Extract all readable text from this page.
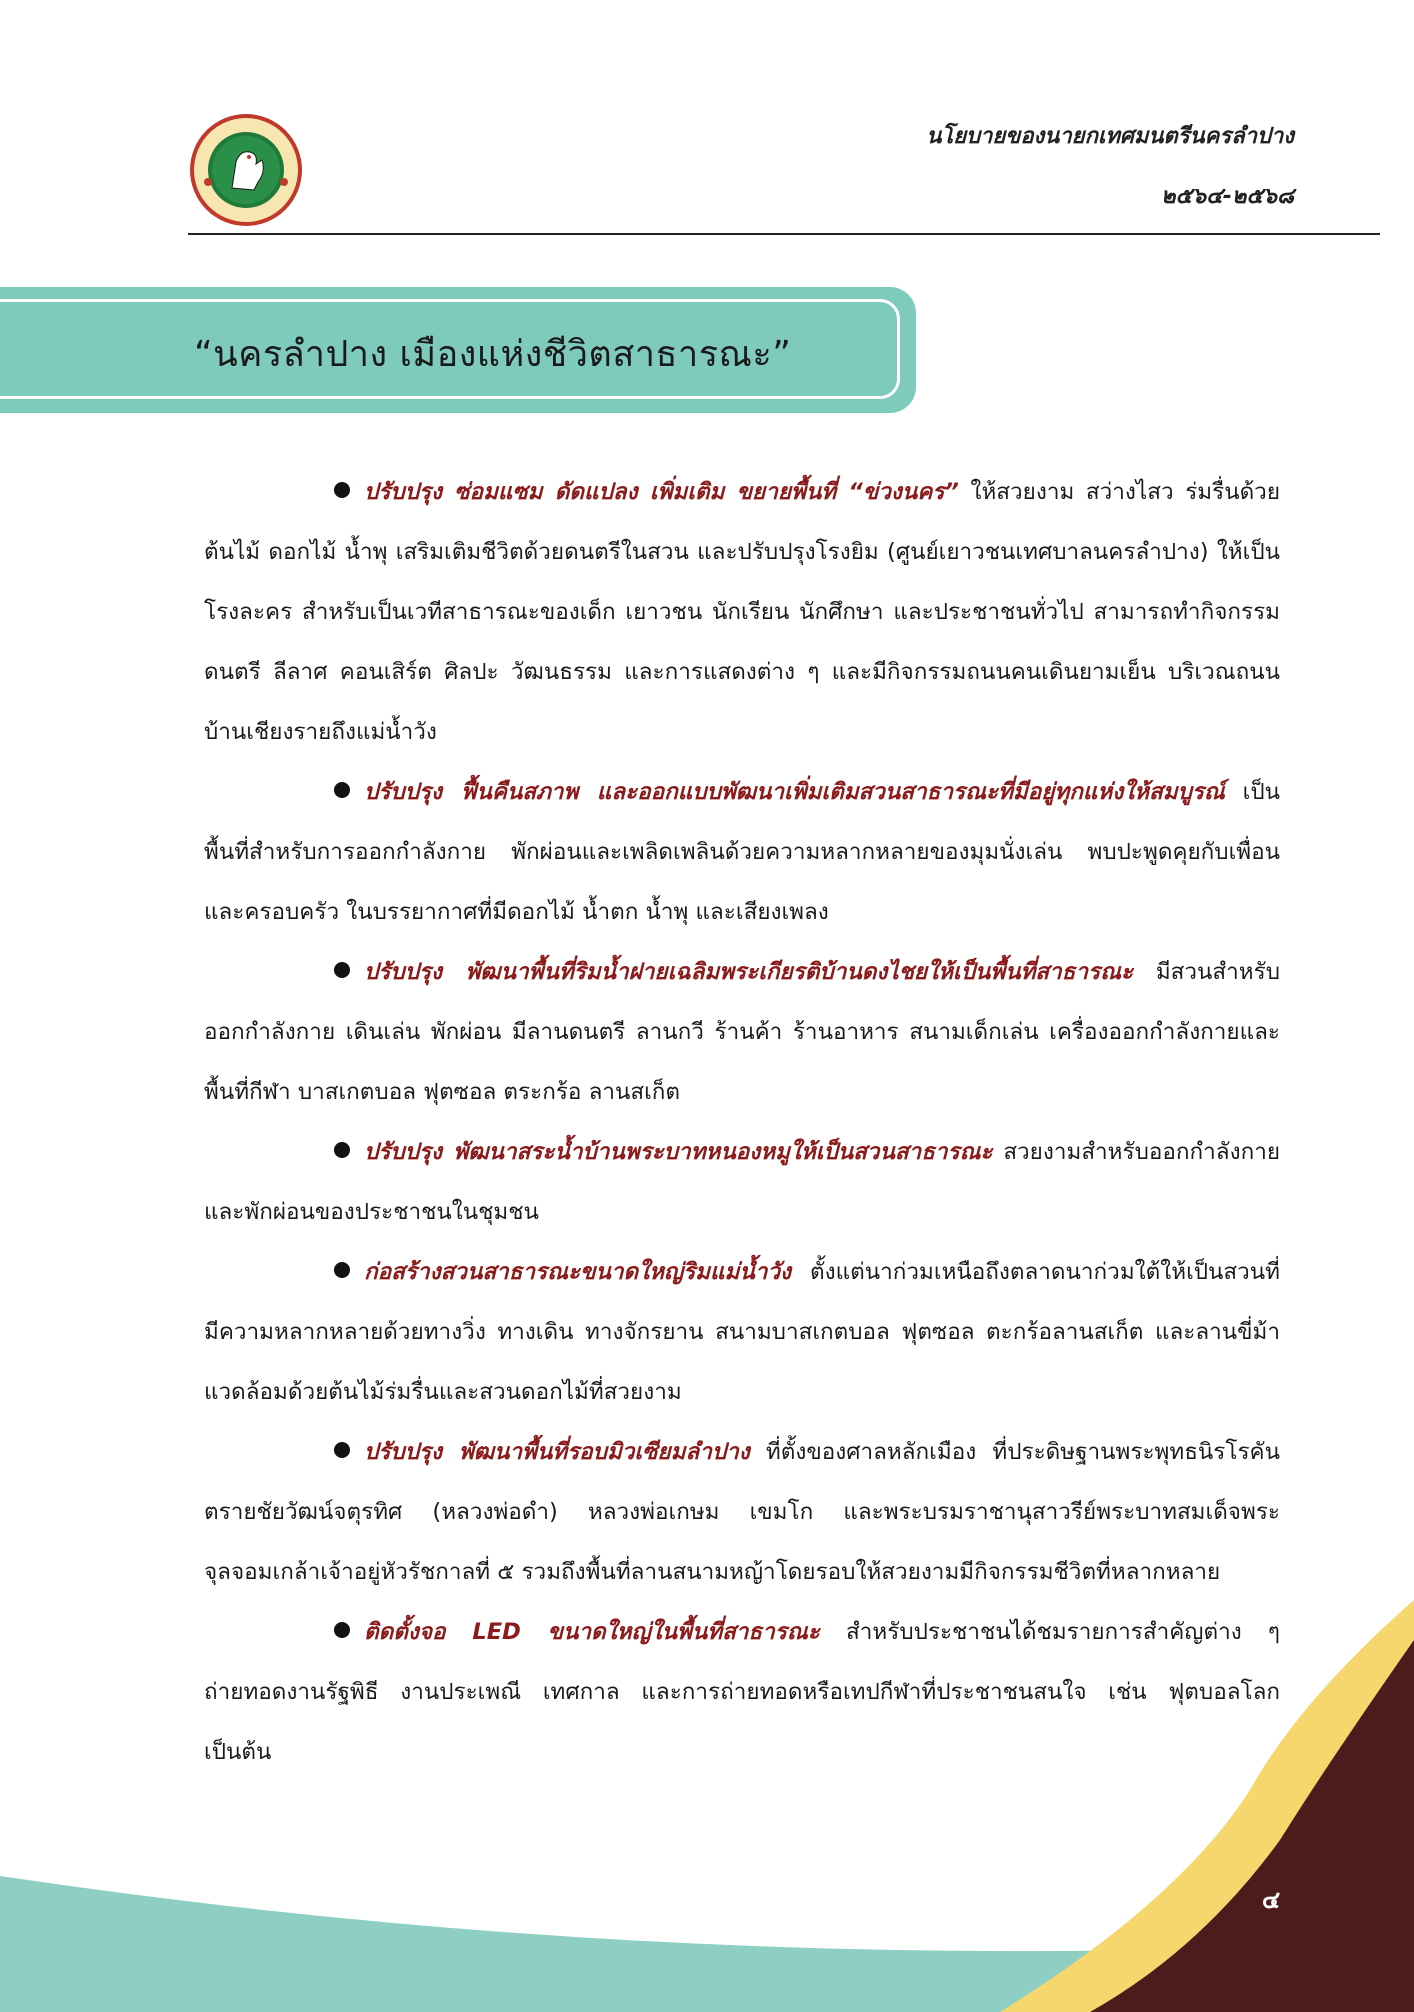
นโยบายของนายกเทศมนตรีนครลำปาง
๒๕๖๔-๒๕๖๘
“นครลำปาง เมืองแห่งชีวิตสาธารณะ”

ปรับปรุง ซ่อมแซม ดัดแปลง เพิ่มเติม ขยายพื้นที่ “ข่วงนคร” ให้สวยงาม สว่างไสว ร่มรื่นด้วยต้นไม้ ดอกไม้ น้ำพุ เสริมเติมชีวิตด้วยดนตรีในสวน และปรับปรุงโรงยิม (ศูนย์เยาวชนเทศบาลนครลำปาง) ให้เป็นโรงละคร สำหรับเป็นเวทีสาธารณะของเด็ก เยาวชน นักเรียน นักศึกษา และประชาชนทั่วไป สามารถทำกิจกรรมดนตรี ลีลาศ คอนเสิร์ต ศิลปะ วัฒนธรรม และการแสดงต่าง ๆ และมีกิจกรรมถนนคนเดินยามเย็น บริเวณถนนบ้านเชียงรายถึงแม่น้ำวัง

ปรับปรุง ฟื้นคืนสภาพ และออกแบบพัฒนาเพิ่มเติมสวนสาธารณะที่มีอยู่ทุกแห่งให้สมบูรณ์ เป็นพื้นที่สำหรับการออกกำลังกาย พักผ่อนและเพลิดเพลินด้วยความหลากหลายของมุมนั่งเล่น พบปะพูดคุยกับเพื่อน และครอบครัว ในบรรยากาศที่มีดอกไม้ น้ำตก น้ำพุ และเสียงเพลง

ปรับปรุง พัฒนาพื้นที่ริมน้ำฝายเฉลิมพระเกียรติบ้านดงไชยให้เป็นพื้นที่สาธารณะ มีสวนสำหรับออกกำลังกาย เดินเล่น พักผ่อน มีลานดนตรี ลานกวี ร้านค้า ร้านอาหาร สนามเด็กเล่น เครื่องออกกำลังกายและพื้นที่กีฬา บาสเกตบอล ฟุตซอล ตระกร้อ ลานสเก็ต

ปรับปรุง พัฒนาสระน้ำบ้านพระบาทหนองหมูให้เป็นสวนสาธารณะ สวยงามสำหรับออกกำลังกายและพักผ่อนของประชาชนในชุมชน

ก่อสร้างสวนสาธารณะขนาดใหญ่ริมแม่น้ำวัง ตั้งแต่นาก่วมเหนือถึงตลาดนาก่วมใต้ให้เป็นสวนที่มีความหลากหลายด้วยทางวิ่ง ทางเดิน ทางจักรยาน สนามบาสเกตบอล ฟุตซอล ตะกร้อลานสเก็ต และลานขี่ม้า แวดล้อมด้วยต้นไม้ร่มรื่นและสวนดอกไม้ที่สวยงาม

ปรับปรุง พัฒนาพื้นที่รอบมิวเซียมลำปาง ที่ตั้งของศาลหลักเมือง ที่ประดิษฐานพระพุทธนิรโรคันตรายชัยวัฒน์จตุรทิศ (หลวงพ่อดำ) หลวงพ่อเกษม เขมโก และพระบรมราชานุสาวรีย์พระบาทสมเด็จพระจุลจอมเกล้าเจ้าอยู่หัวรัชกาลที่ ๕ รวมถึงพื้นที่ลานสนามหญ้าโดยรอบให้สวยงามมีกิจกรรมชีวิตที่หลากหลาย

ติดตั้งจอ LED ขนาดใหญ่ในพื้นที่สาธารณะ สำหรับประชาชนได้ชมรายการสำคัญต่าง ๆ ถ่ายทอดงานรัฐพิธี งานประเพณี เทศกาล และการถ่ายทอดหรือเทปกีฬาที่ประชาชนสนใจ เช่น ฟุตบอลโลก เป็นต้น

๔
